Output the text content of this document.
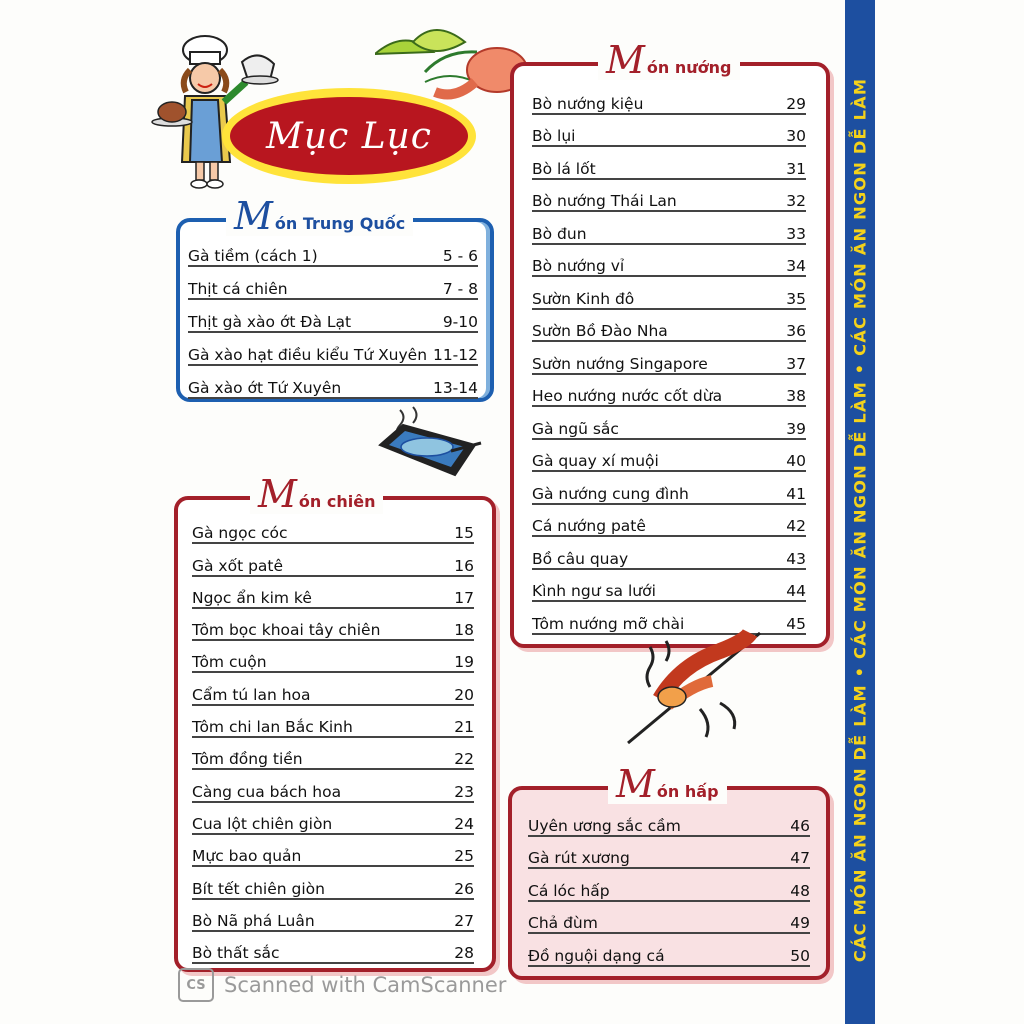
Mục Lục
M ón Trung Quốc
Gà tiềm (cách 1)	5 - 6
Thịt cá chiên	7 - 8
Thịt gà xào ớt Đà Lạt	9-10
Gà xào hạt điều kiểu Tứ Xuyên 11-12
Gà xào ớt Tứ Xuyên	13-14
M ón chiên
Gà ngọc cóc	15
Gà xốt patê	16
Ngọc ẩn kim kê	17
Tôm bọc khoai tây chiên	18
Tôm cuộn	19
Cẩm tú lan hoa	20
Tôm chi lan Bắc Kinh	21
Tôm đồng tiền	22
Càng cua bách hoa	23
Cua lột chiên giòn	24
Mực bao quản	25
Bít tết chiên giòn	26
Bò Nã phá Luân	27
Bò thất sắc	28
M ón nướng
Bò nướng kiệu	29
Bò lụi	30
Bò lá lốt	31
Bò nướng Thái Lan	32
Bò đun	33
Bò nướng vỉ	34
Sườn Kinh đô	35
Sườn Bồ Đào Nha	36
Sườn nướng Singapore	37
Heo nướng nước cốt dừa	38
Gà ngũ sắc	39
Gà quay xí muội	40
Gà nướng cung đình	41
Cá nướng patê	42
Bồ câu quay	43
Kình ngư sa lưới	44
Tôm nướng mỡ chài	45
M ón hấp
Uyên ương sắc cầm	46
Gà rút xương	47
Cá lóc hấp	48
Chả đùm	49
Đồ nguội dạng cá	50	CÁC MÓN ĂN NGON DỄ LÀM • CÁC MÓN ĂN NGON DỄ LÀM • CÁC MÓN ĂN NGON DỄ LÀM
CS Scanned with CamScanner
